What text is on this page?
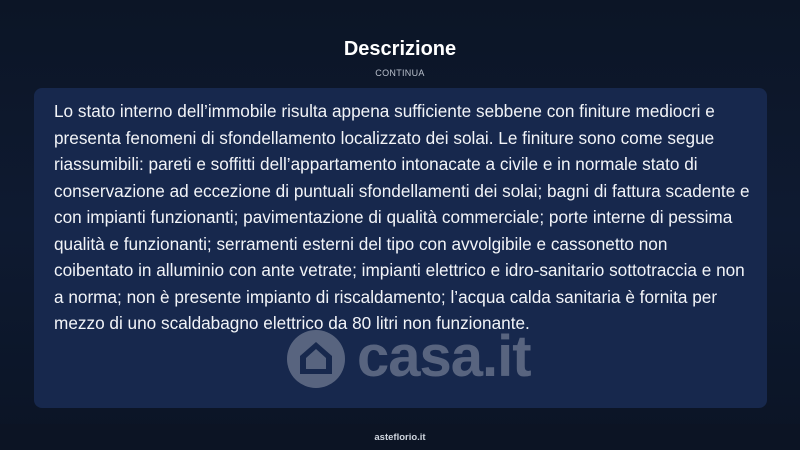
Descrizione
CONTINUA

Lo stato interno dell’immobile risulta appena sufficiente sebbene con finiture mediocri e presenta fenomeni di sfondellamento localizzato dei solai. Le finiture sono come segue riassumibili: pareti e soffitti dell’appartamento intonacate a civile e in normale stato di conservazione ad eccezione di puntuali sfondellamenti dei solai; bagni di fattura scadente e con impianti funzionanti; pavimentazione di qualità commerciale; porte interne di pessima qualità e funzionanti; serramenti esterni del tipo con avvolgibile e cassonetto non coibentato in alluminio con ante vetrate; impianti elettrico e idro-sanitario sottotraccia e non a norma; non è presente impianto di riscaldamento; l’acqua calda sanitaria è fornita per mezzo di uno scaldabagno elettrico da 80 litri non funzionante.

casa.it
asteflorio.it
